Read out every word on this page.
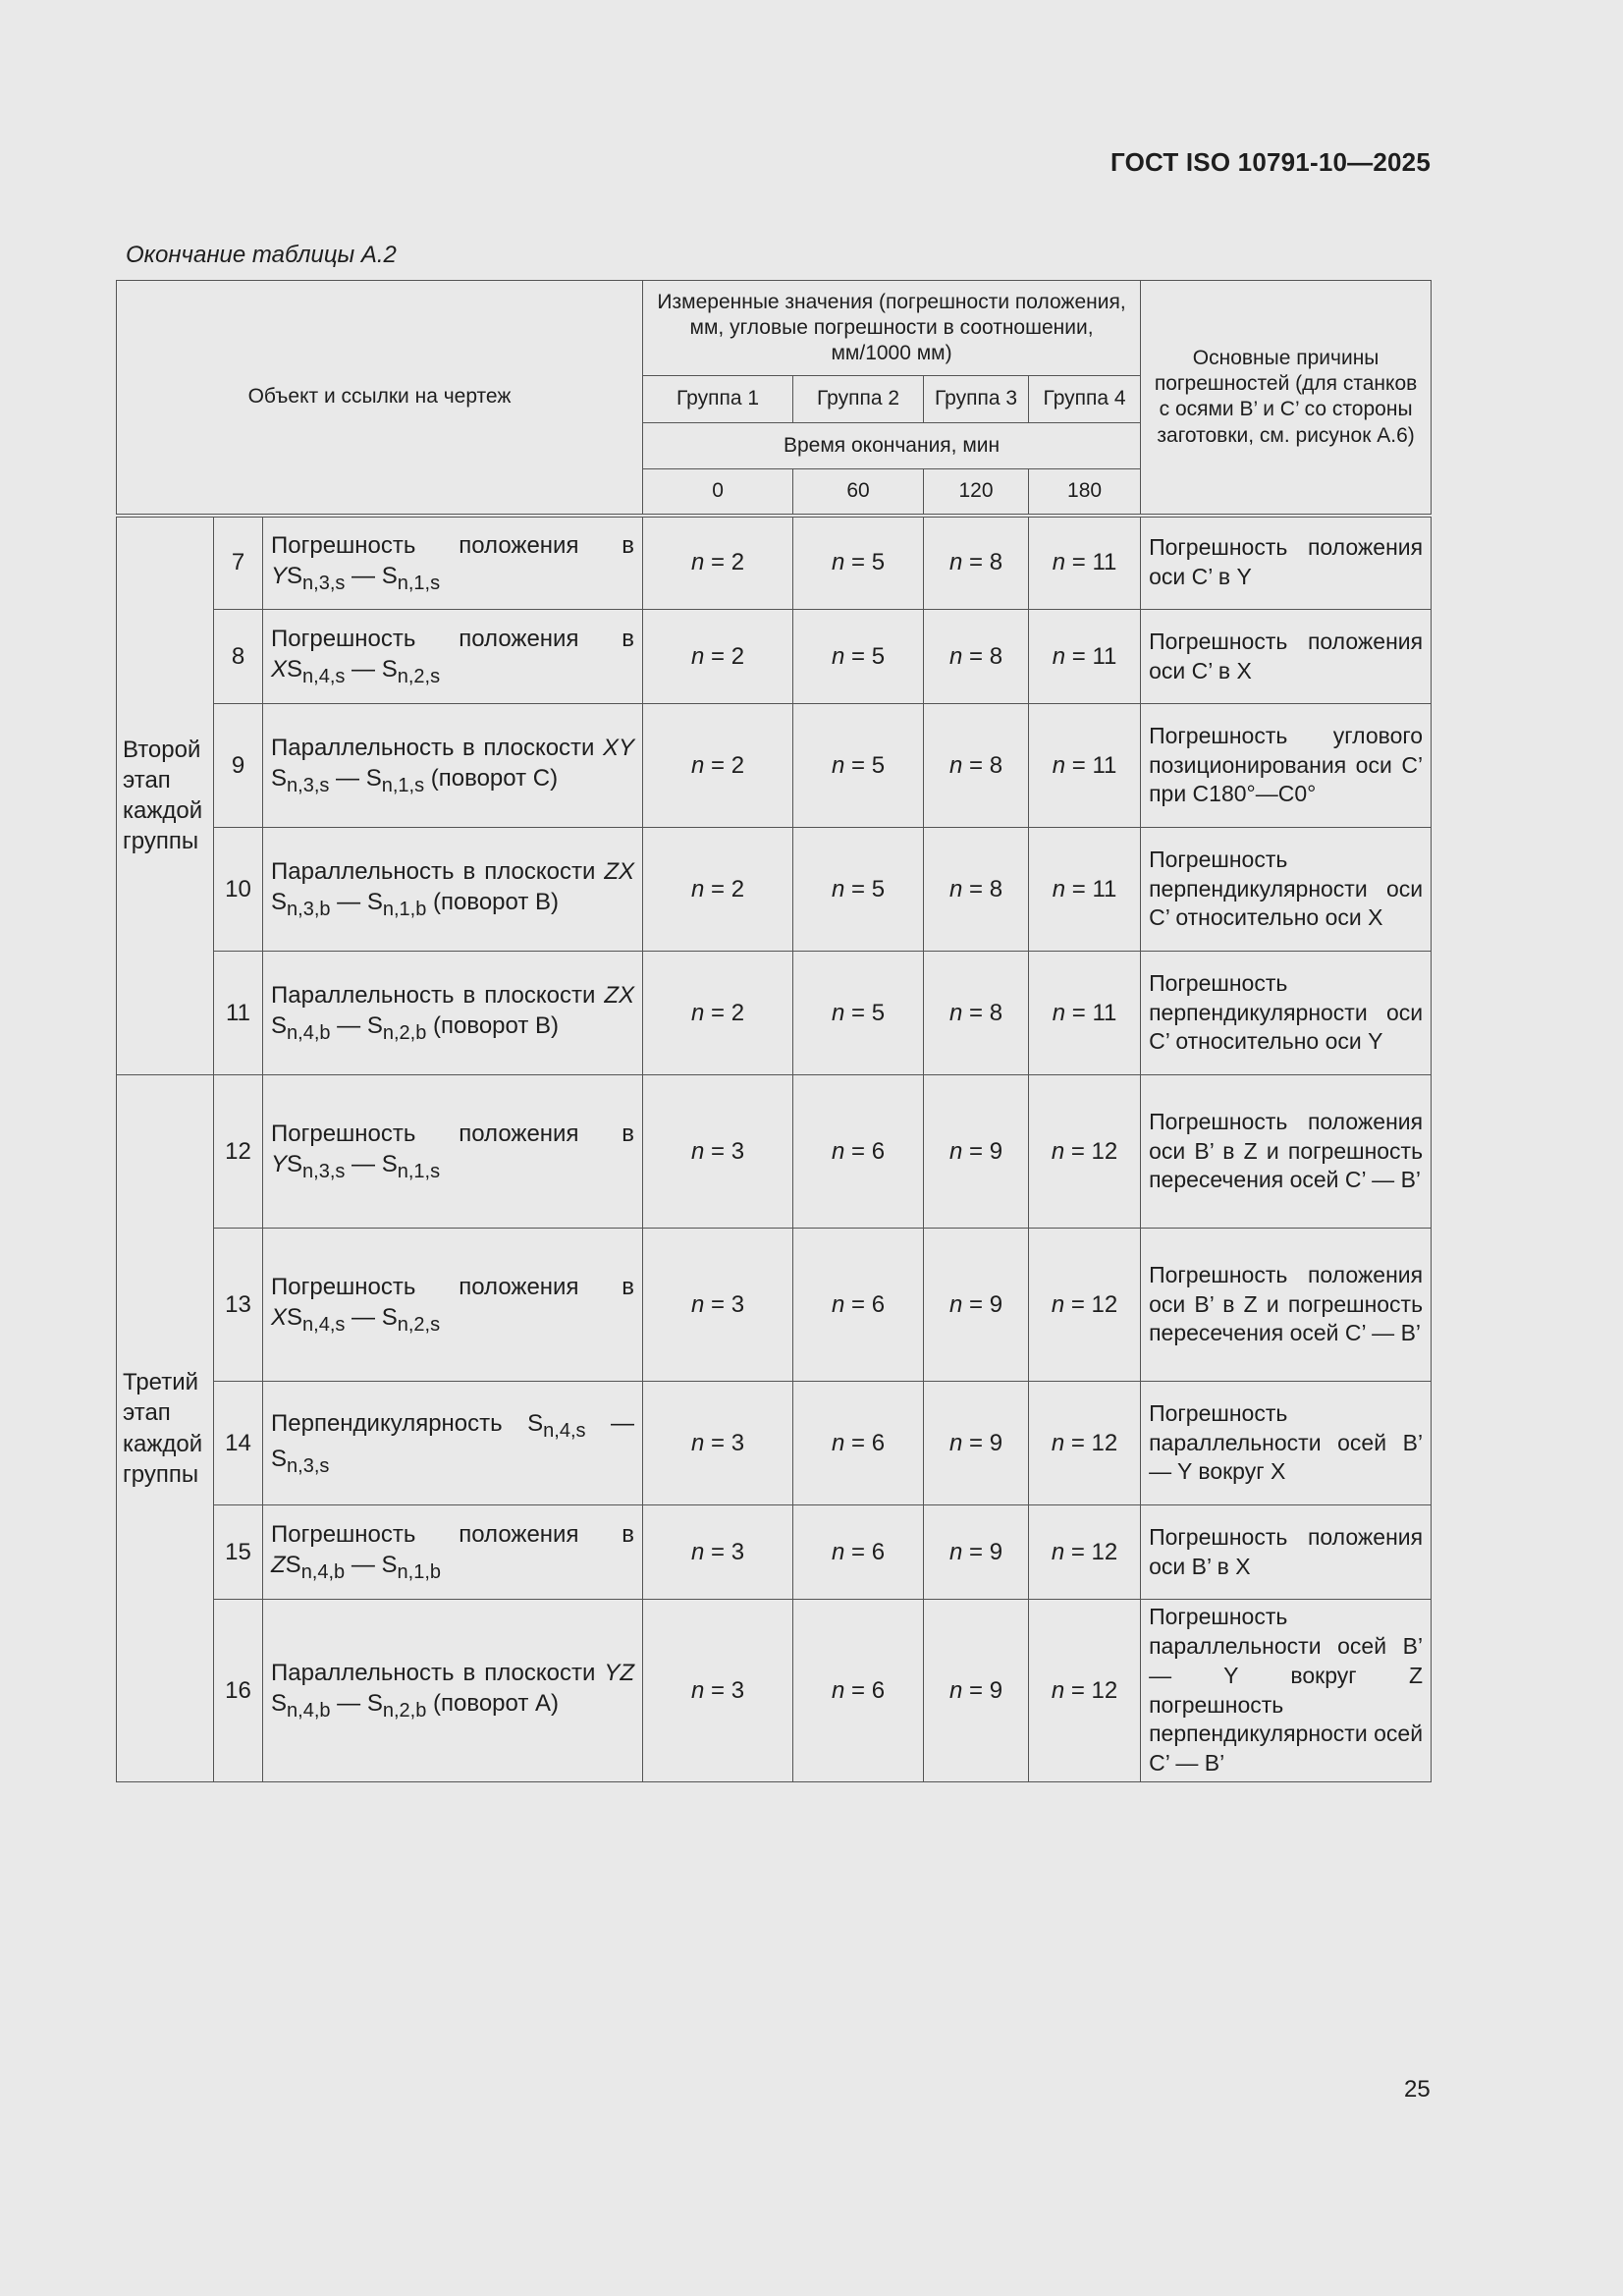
ГОСТ ISO 10791-10—2025
Окончание таблицы А.2
Объект и ссылки на чертеж			Измеренные значения (погрешности положения, мм, угловые погрешности в соотношении, мм/1000 мм)				Основные причины погрешностей (для станков с осями B’ и C’ со стороны заготовки, см. рисунок А.6)
			Группа 1	Группа 2	Группа 3	Группа 4	
			Время окончания, мин				
			0	60	120	180	
Второй этап каждой группы	7	Погрешность положения в $YS_{n,3,s}$ — $S_{n,1,s}$	n = 2	n = 5	n = 8	n = 11	Погрешность положения оси C’ в Y
	8	Погрешность положения в $XS_{n,4,s}$ — $S_{n,2,s}$	n = 2	n = 5	n = 8	n = 11	Погрешность положения оси C’ в X
	9	Параллельность в плоскости XY $S_{n,3,s}$ — $S_{n,1,s}$ (поворот C)	n = 2	n = 5	n = 8	n = 11	Погрешность углового позиционирования оси C’ при C180°—C0°
	10	Параллельность в плоскости ZX $S_{n,3,b}$ — $S_{n,1,b}$ (поворот B)	n = 2	n = 5	n = 8	n = 11	Погрешность перпендикулярности оси C’ относительно оси X
	11	Параллельность в плоскости ZX $S_{n,4,b}$ — $S_{n,2,b}$ (поворот B)	n = 2	n = 5	n = 8	n = 11	Погрешность перпендикулярности оси C’ относительно оси Y
Третий этап каждой группы	12	Погрешность положения в $YS_{n,3,s}$ — $S_{n,1,s}$	n = 3	n = 6	n = 9	n = 12	Погрешность положения оси B’ в Z и погрешность пересечения осей C’ — B’
	13	Погрешность положения в $XS_{n,4,s}$ — $S_{n,2,s}$	n = 3	n = 6	n = 9	n = 12	Погрешность положения оси B’ в Z и погрешность пересечения осей C’ — B’
	14	Перпендикулярность $S_{n,4,s}$ — $S_{n,3,s}$	n = 3	n = 6	n = 9	n = 12	Погрешность параллельности осей B’ — Y вокруг X
	15	Погрешность положения в $ZS_{n,4,b}$ — $S_{n,1,b}$	n = 3	n = 6	n = 9	n = 12	Погрешность положения оси B’ в X
	16	Параллельность в плоскости YZ $S_{n,4,b}$ — $S_{n,2,b}$ (поворот A)	n = 3	n = 6	n = 9	n = 12	Погрешность параллельности осей B’ — Y вокруг Z погрешность перпендикулярности осей C’ — B’
25
